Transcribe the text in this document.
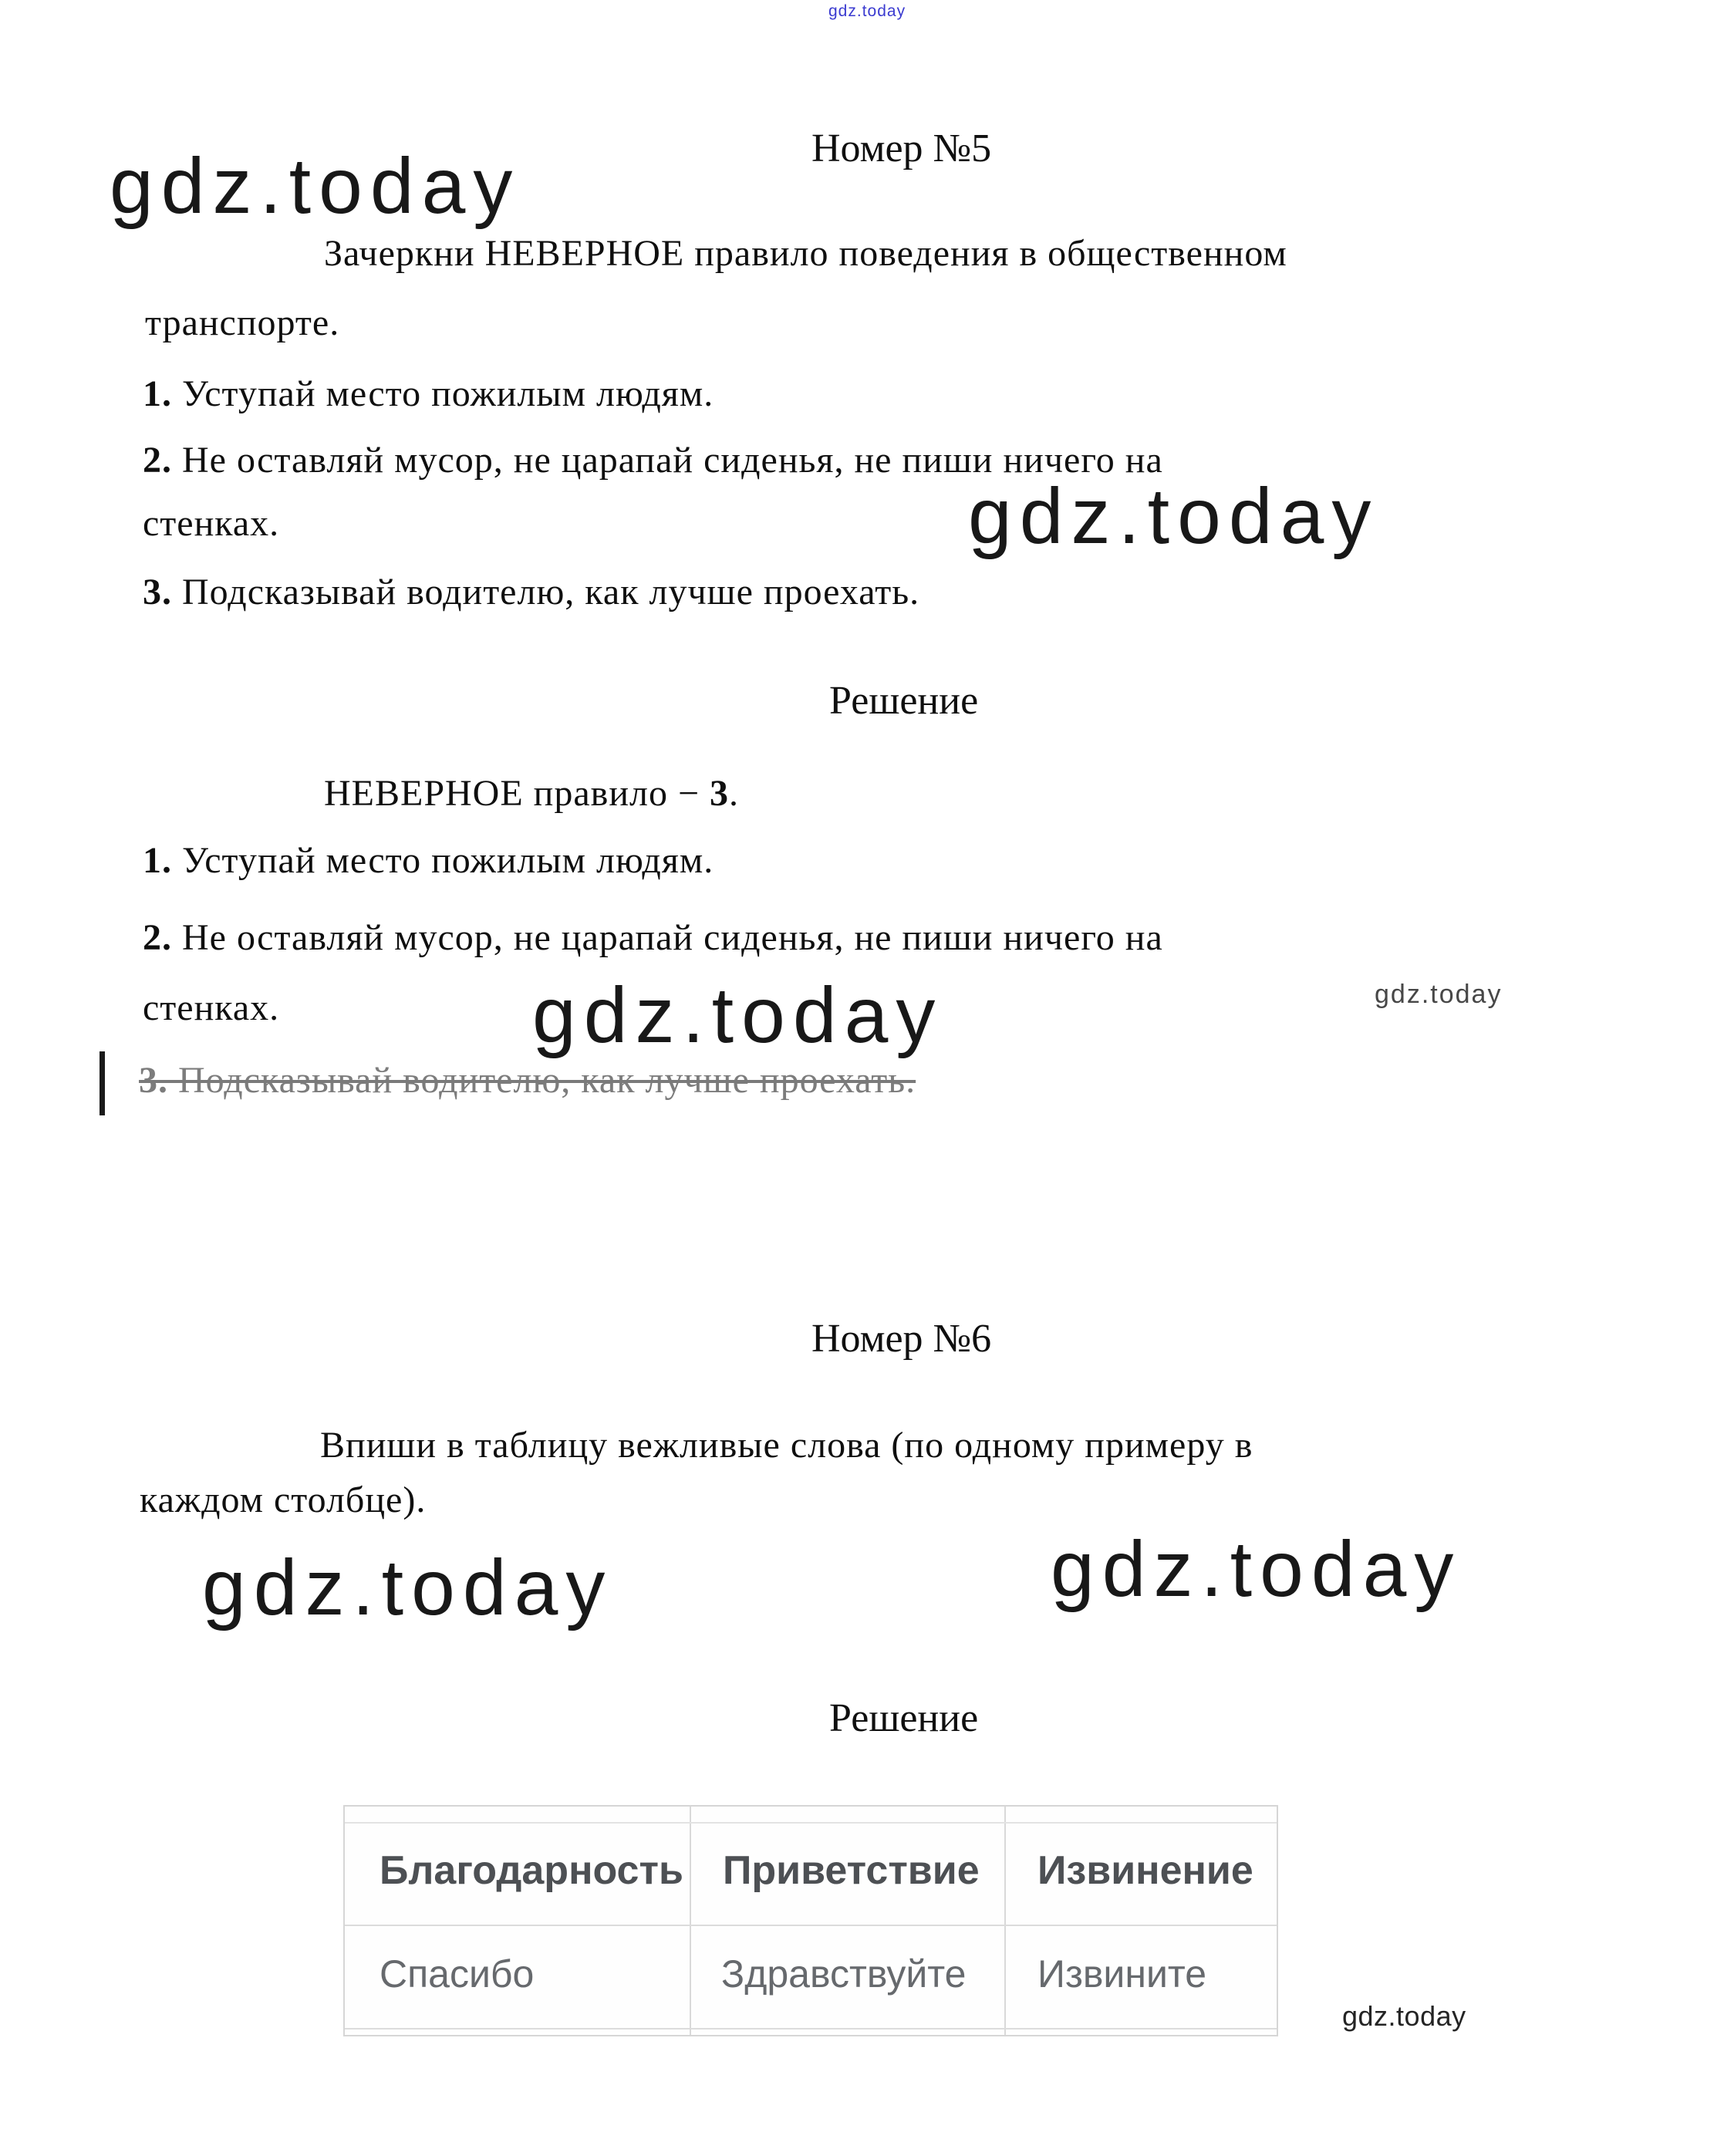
gdz.today
gdz.today
gdz.today
gdz.today	gdz.today
gdz.today	gdz.today
gdz.today
Номер №5
Зачеркни НЕВЕРНОЕ правило поведения в общественном
транспорте.
1. Уступай место пожилым людям.
2. Не оставляй мусор, не царапай сиденья, не пиши ничего на
стенках.
3. Подсказывай водителю, как лучше проехать.
Решение
НЕВЕРНОЕ правило − 3.
1. Уступай место пожилым людям.
2. Не оставляй мусор, не царапай сиденья, не пиши ничего на
стенках.
3. Подсказывай водителю, как лучше проехать.
Номер №6
Впиши в таблицу вежливые слова (по одному примеру в
каждом столбце).
Решение
Благодарность Приветствие Извинение
Спасибо	Здравствуйте Извините
